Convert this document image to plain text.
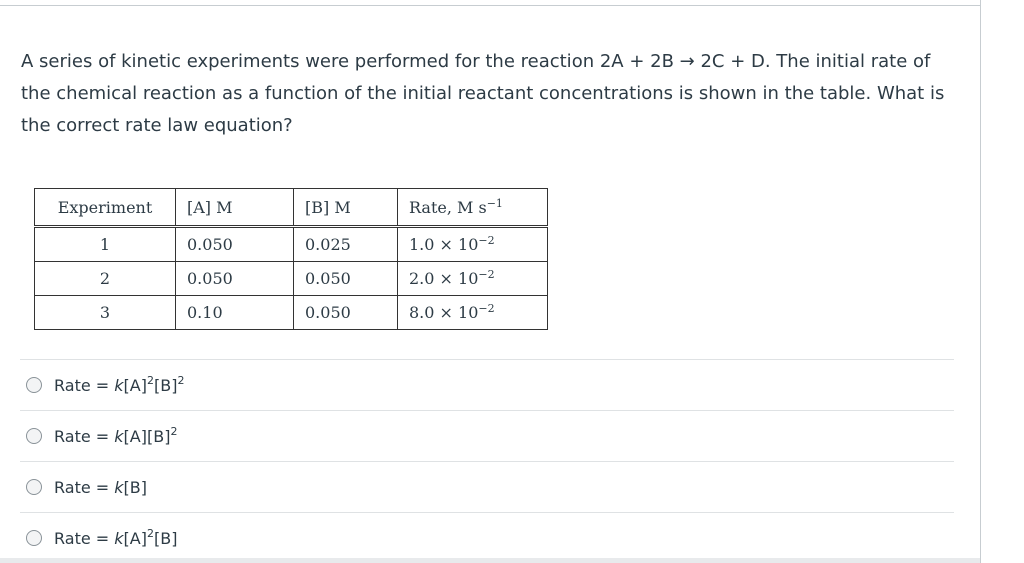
A series of kinetic experiments were performed for the reaction 2A + 2B → 2C + D. The initial rate of the chemical reaction as a function of the initial reactant concentrations is shown in the table. What is the correct rate law equation?

Experiment	[A] M	[B] M	Rate, M $s^{-1}$
1	0.050	0.025	$1.0 \times 10^{-2}$
2	0.050	0.050	$2.0 \times 10^{-2}$
3	0.10	0.050	$8.0 \times 10^{-2}$
Rate = $k[A]^2[B]^2$
Rate = $k[A][B]^2$
Rate = k[B]
Rate = $k[A]^2[B]$
